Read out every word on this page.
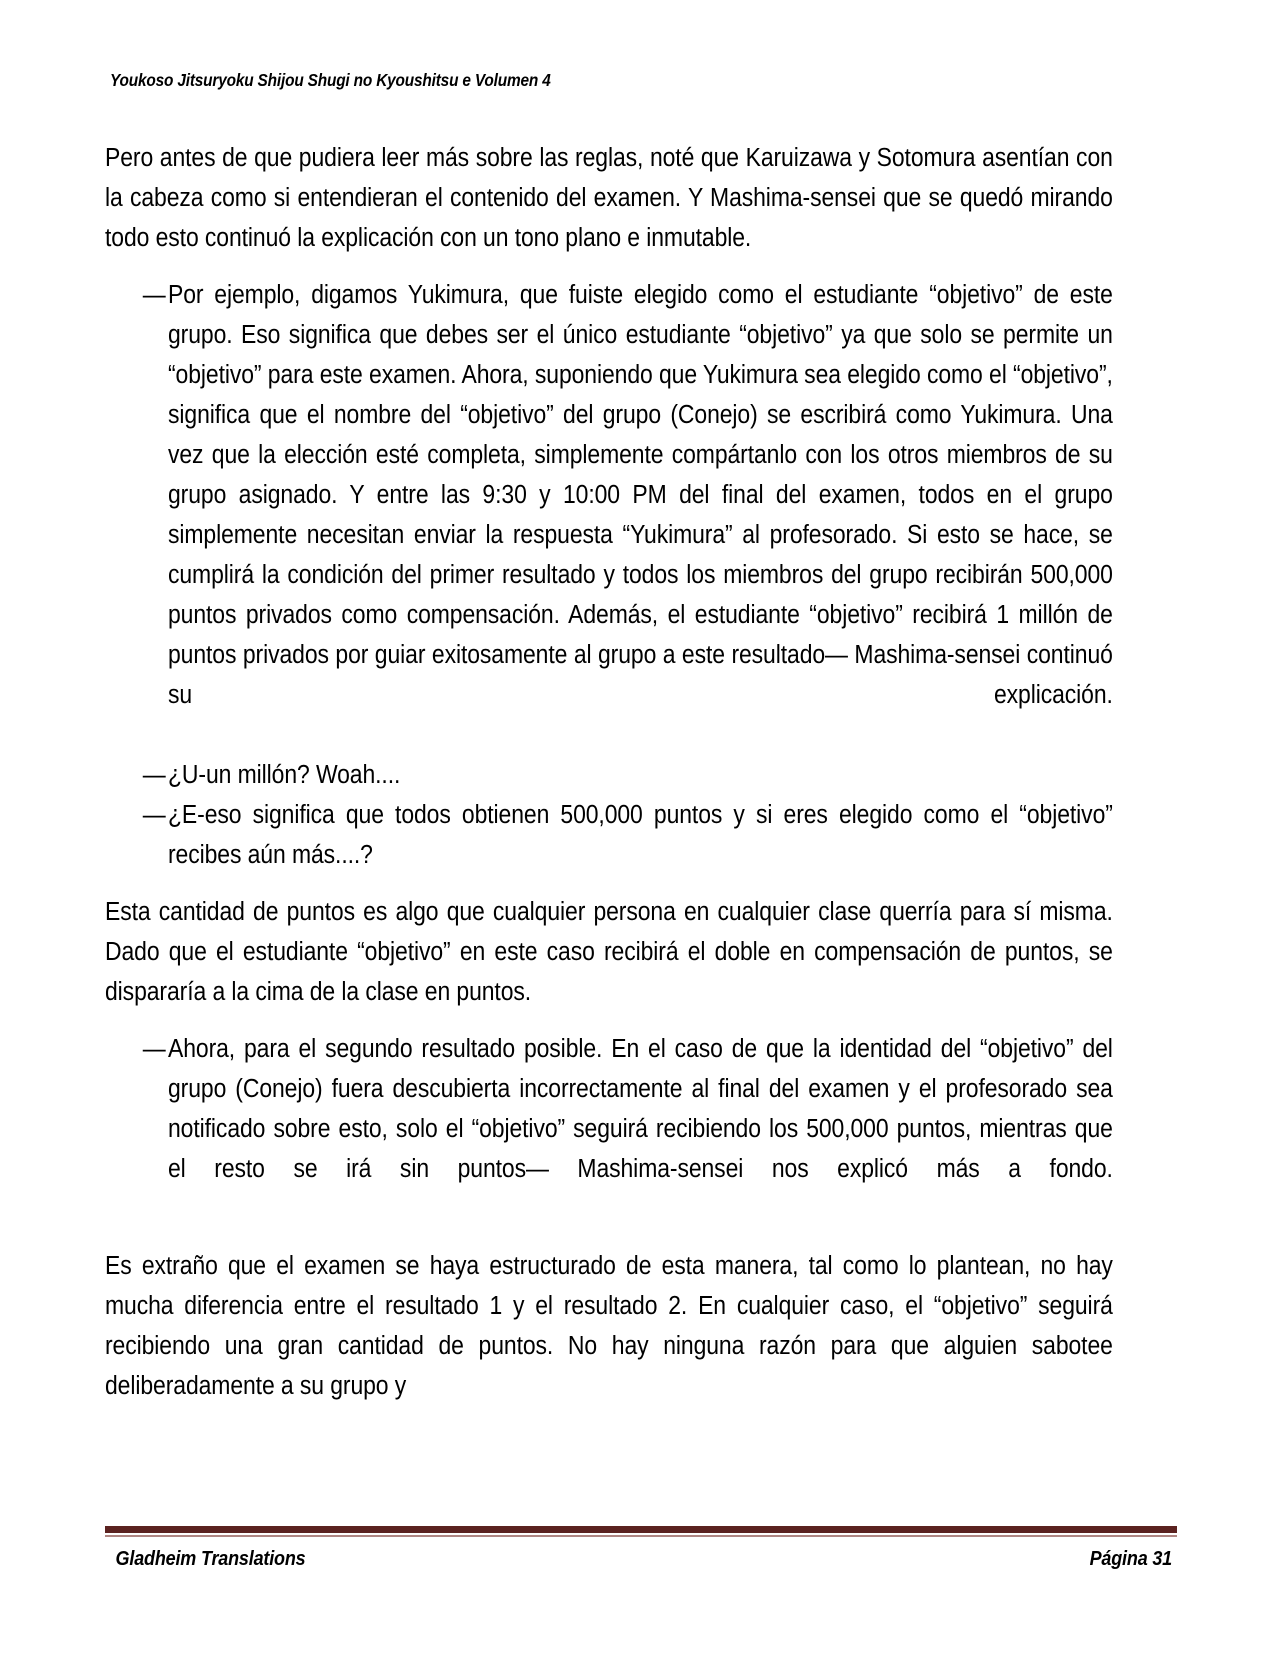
Youkoso Jitsuryoku Shijou Shugi no Kyoushitsu e Volumen 4

Pero antes de que pudiera leer más sobre las reglas, noté que Karuizawa y Sotomura asentían con la cabeza como si entendieran el contenido del examen. Y Mashima-sensei que se quedó mirando todo esto continuó la explicación con un tono plano e inmutable.

— Por ejemplo, digamos Yukimura, que fuiste elegido como el estudiante “objetivo” de este grupo. Eso significa que debes ser el único estudiante “objetivo” ya que solo se permite un “objetivo” para este examen. Ahora, suponiendo que Yukimura sea elegido como el “objetivo”, significa que el nombre del “objetivo” del grupo (Conejo) se escribirá como Yukimura. Una vez que la elección esté completa, simplemente compártanlo con los otros miembros de su grupo asignado. Y entre las 9:30 y 10:00 PM del final del examen, todos en el grupo simplemente necesitan enviar la respuesta “Yukimura” al profesorado. Si esto se hace, se cumplirá la condición del primer resultado y todos los miembros del grupo recibirán 500,000 puntos privados como compensación. Además, el estudiante “objetivo” recibirá 1 millón de puntos privados por guiar exitosamente al grupo a este resultado— Mashima-sensei continuó su explicación.
— ¿U-un millón? Woah....
— ¿E-eso significa que todos obtienen 500,000 puntos y si eres elegido como el “objetivo” recibes aún más....?

Esta cantidad de puntos es algo que cualquier persona en cualquier clase querría para sí misma. Dado que el estudiante “objetivo” en este caso recibirá el doble en compensación de puntos, se dispararía a la cima de la clase en puntos.

— Ahora, para el segundo resultado posible. En el caso de que la identidad del “objetivo” del grupo (Conejo) fuera descubierta incorrectamente al final del examen y el profesorado sea notificado sobre esto, solo el “objetivo” seguirá recibiendo los 500,000 puntos, mientras que el resto se irá sin puntos— Mashima-sensei nos explicó más a fondo.

Es extraño que el examen se haya estructurado de esta manera, tal como lo plantean, no hay mucha diferencia entre el resultado 1 y el resultado 2. En cualquier caso, el “objetivo” seguirá recibiendo una gran cantidad de puntos. No hay ninguna razón para que alguien sabotee deliberadamente a su grupo y

Gladheim Translations	Página 31
